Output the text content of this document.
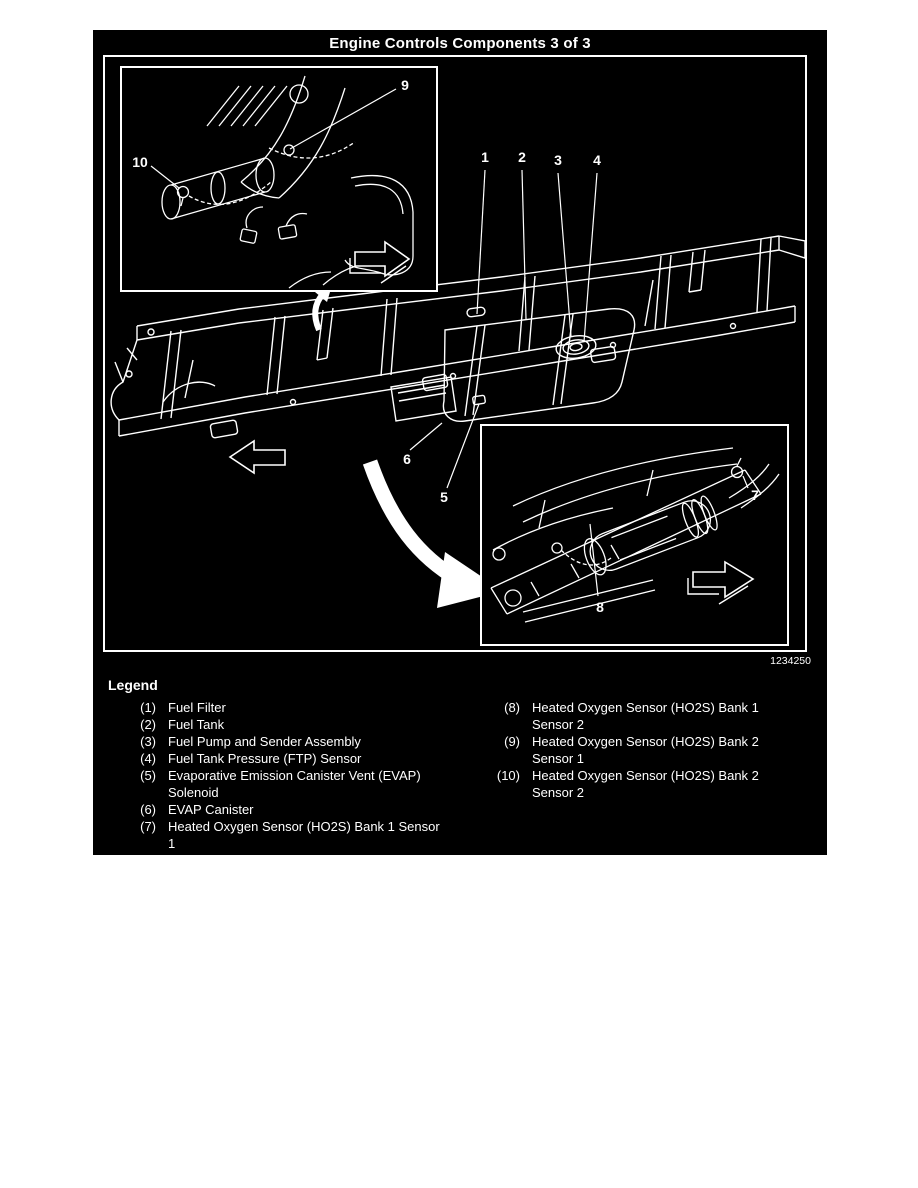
Engine Controls Components 3 of 3
1 2 3 4
5
6
9
10
7
8
1234250
Legend
(1) Fuel Filter
(2) Fuel Tank
(3) Fuel Pump and Sender Assembly
(4) Fuel Tank Pressure (FTP) Sensor
(5) Evaporative Emission Canister Vent (EVAP) Solenoid
(6) EVAP Canister
(7) Heated Oxygen Sensor (HO2S) Bank 1 Sensor 1
(8) Heated Oxygen Sensor (HO2S) Bank 1 Sensor 2
(9) Heated Oxygen Sensor (HO2S) Bank 2 Sensor 1
(10) Heated Oxygen Sensor (HO2S) Bank 2 Sensor 2
